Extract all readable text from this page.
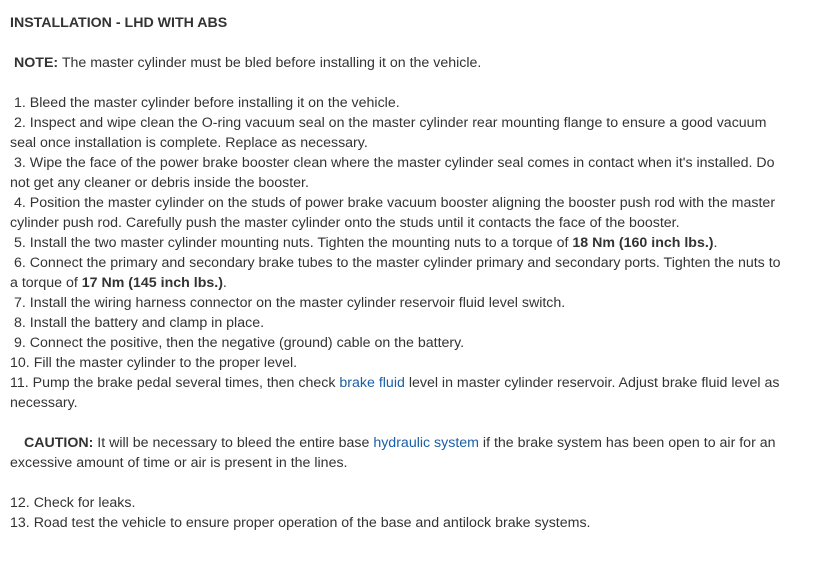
INSTALLATION - LHD WITH ABS
NOTE: The master cylinder must be bled before installing it on the vehicle.
1. Bleed the master cylinder before installing it on the vehicle.
2. Inspect and wipe clean the O-ring vacuum seal on the master cylinder rear mounting flange to ensure a good vacuum seal once installation is complete. Replace as necessary.
3. Wipe the face of the power brake booster clean where the master cylinder seal comes in contact when it's installed. Do not get any cleaner or debris inside the booster.
4. Position the master cylinder on the studs of power brake vacuum booster aligning the booster push rod with the master cylinder push rod. Carefully push the master cylinder onto the studs until it contacts the face of the booster.
5. Install the two master cylinder mounting nuts. Tighten the mounting nuts to a torque of 18 Nm (160 inch lbs.).
6. Connect the primary and secondary brake tubes to the master cylinder primary and secondary ports. Tighten the nuts to a torque of 17 Nm (145 inch lbs.).
7. Install the wiring harness connector on the master cylinder reservoir fluid level switch.
8. Install the battery and clamp in place.
9. Connect the positive, then the negative (ground) cable on the battery.
10. Fill the master cylinder to the proper level.
11. Pump the brake pedal several times, then check brake fluid level in master cylinder reservoir. Adjust brake fluid level as necessary.
CAUTION: It will be necessary to bleed the entire base hydraulic system if the brake system has been open to air for an excessive amount of time or air is present in the lines.
12. Check for leaks.
13. Road test the vehicle to ensure proper operation of the base and antilock brake systems.
